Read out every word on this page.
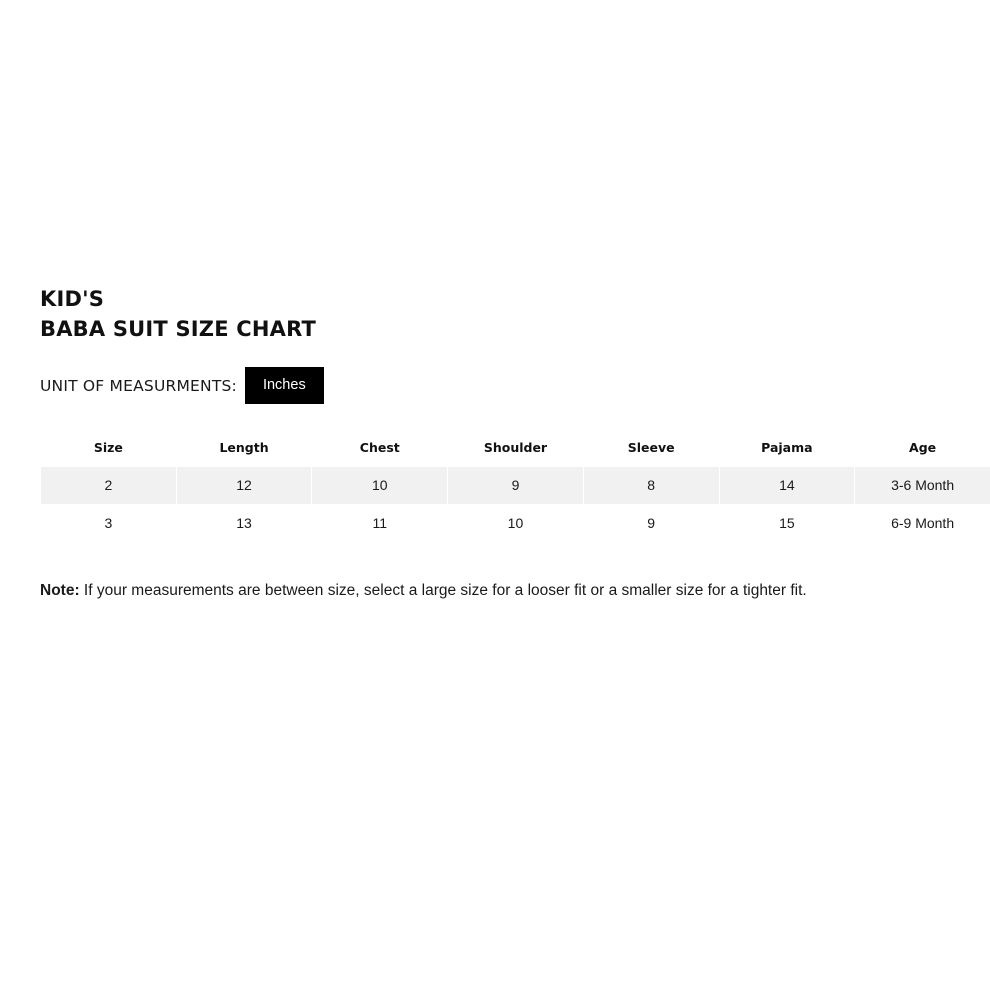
KID'S
BABA SUIT SIZE CHART
UNIT OF MEASURMENTS:	Inches
Size	Length	Chest	Shoulder	Sleeve	Pajama	Age
2	12	10	9	8	14	3-6 Month
3	13	11	10	9	15	6-9 Month
Note: If your measurements are between size, select a large size for a looser fit or a smaller size for a tighter fit.
